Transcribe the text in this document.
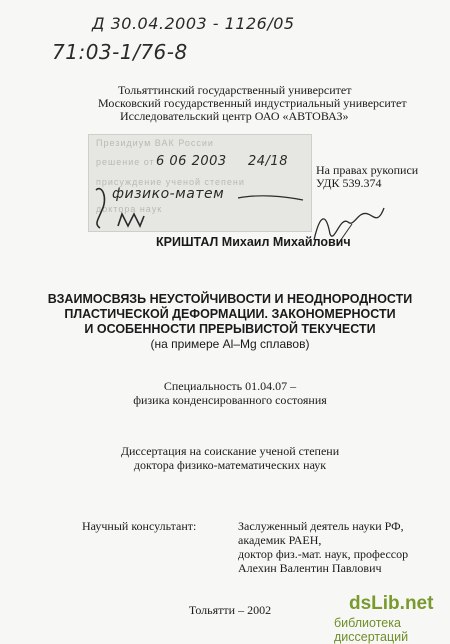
Д 30.04.2003 - 1126/05
71:03-1/76-8
Тольяттинский государственный университет
Московский государственный индустриальный университет
Исследовательский центр ОАО «АВТОВАЗ»
Президиум ВАК России
решение от
присуждение ученой степени
доктора наук
6 06 2003 24/18
физико-матем
На правах рукописи
УДК 539.374
КРИШТАЛ Михаил Михайлович
ВЗАИМОСВЯЗЬ НЕУСТОЙЧИВОСТИ И НЕОДНОРОДНОСТИ
ПЛАСТИЧЕСКОЙ ДЕФОРМАЦИИ. ЗАКОНОМЕРНОСТИ
И ОСОБЕННОСТИ ПРЕРЫВИСТОЙ ТЕКУЧЕСТИ
(на примере Al–Mg сплавов)
Специальность 01.04.07 –
физика конденсированного состояния
Диссертация на соискание ученой степени
доктора физико-математических наук
Научный консультант:	Заслуженный деятель науки РФ,
академик РАЕН,
доктор физ.-мат. наук, профессор
Алехин Валентин Павлович
Тольятти – 2002	dsLib.net
библиотека диссертаций
